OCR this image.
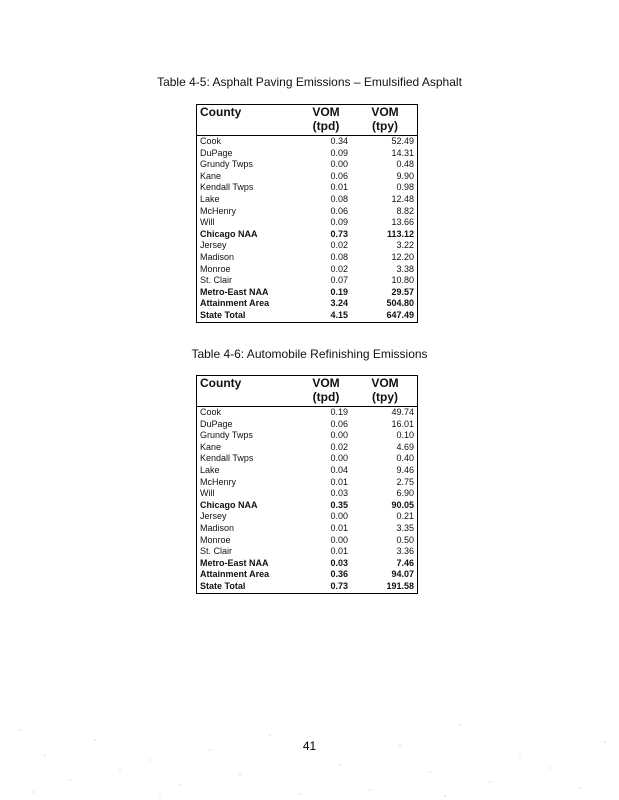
Table 4-5: Asphalt Paving Emissions – Emulsified Asphalt
County	VOM	VOM
	(tpd)	(tpy)
Cook	0.34	52.49
DuPage	0.09	14.31
Grundy Twps	0.00	0.48
Kane	0.06	9.90
Kendall Twps	0.01	0.98
Lake	0.08	12.48
McHenry	0.06	8.82
Will	0.09	13.66
Chicago NAA	0.73	113.12
Jersey	0.02	3.22
Madison	0.08	12.20
Monroe	0.02	3.38
St. Clair	0.07	10.80
Metro-East NAA	0.19	29.57
Attainment Area	3.24	504.80
State Total	4.15	647.49
Table 4-6: Automobile Refinishing Emissions
County	VOM	VOM
	(tpd)	(tpy)
Cook	0.19	49.74
DuPage	0.06	16.01
Grundy Twps	0.00	0.10
Kane	0.02	4.69
Kendall Twps	0.00	0.40
Lake	0.04	9.46
McHenry	0.01	2.75
Will	0.03	6.90
Chicago NAA	0.35	90.05
Jersey	0.00	0.21
Madison	0.01	3.35
Monroe	0.00	0.50
St. Clair	0.01	3.36
Metro-East NAA	0.03	7.46
Attainment Area	0.36	94.07
State Total	0.73	191.58
41
